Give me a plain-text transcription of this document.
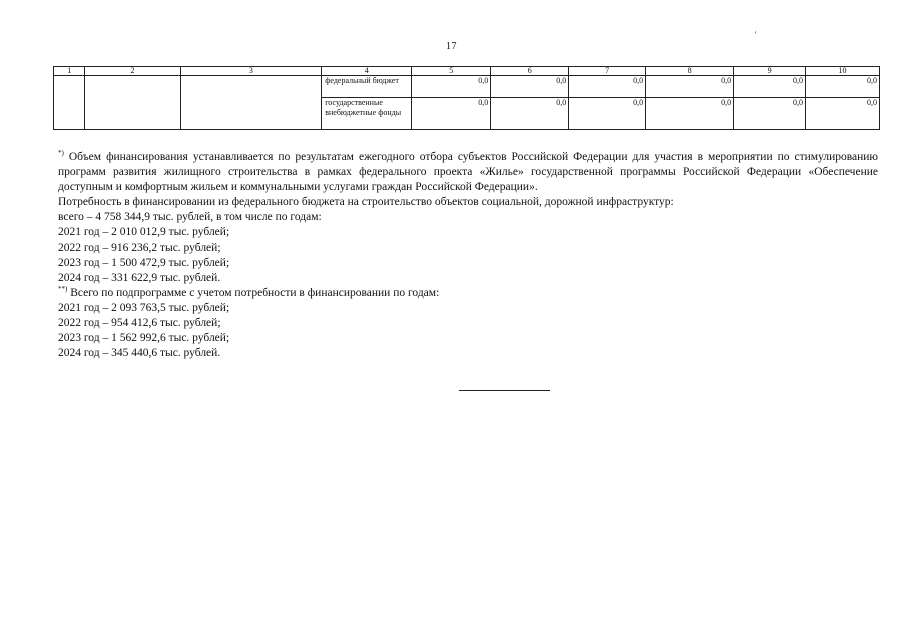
17
'
1	2	3	4	5	6	7	8	9	10
			федеральный бюджет	0,0	0,0	0,0	0,0	0,0	0,0
			государственные внебюджетные фонды	0,0	0,0	0,0	0,0	0,0	0,0

*) Объем финансирования устанавливается по результатам ежегодного отбора субъектов Российской Федерации для участия в мероприятии по стимулированию программ развития жилищного строительства в рамках федерального проекта «Жилье» государственной программы Российской Федерации «Обеспечение доступным и комфортным жильем и коммунальными услугами граждан Российской Федерации».

Потребность в финансировании из федерального бюджета на строительство объектов социальной, дорожной инфраструктур:

всего – 4 758 344,9 тыс. рублей, в том числе по годам:

2021 год – 2 010 012,9 тыс. рублей;

2022 год – 916 236,2 тыс. рублей;

2023 год – 1 500 472,9 тыс. рублей;

2024 год – 331 622,9 тыс. рублей.

**) Всего по подпрограмме с учетом потребности в финансировании по годам:

2021 год – 2 093 763,5 тыс. рублей;

2022 год – 954 412,6 тыс. рублей;

2023 год – 1 562 992,6 тыс. рублей;

2024 год – 345 440,6 тыс. рублей.
